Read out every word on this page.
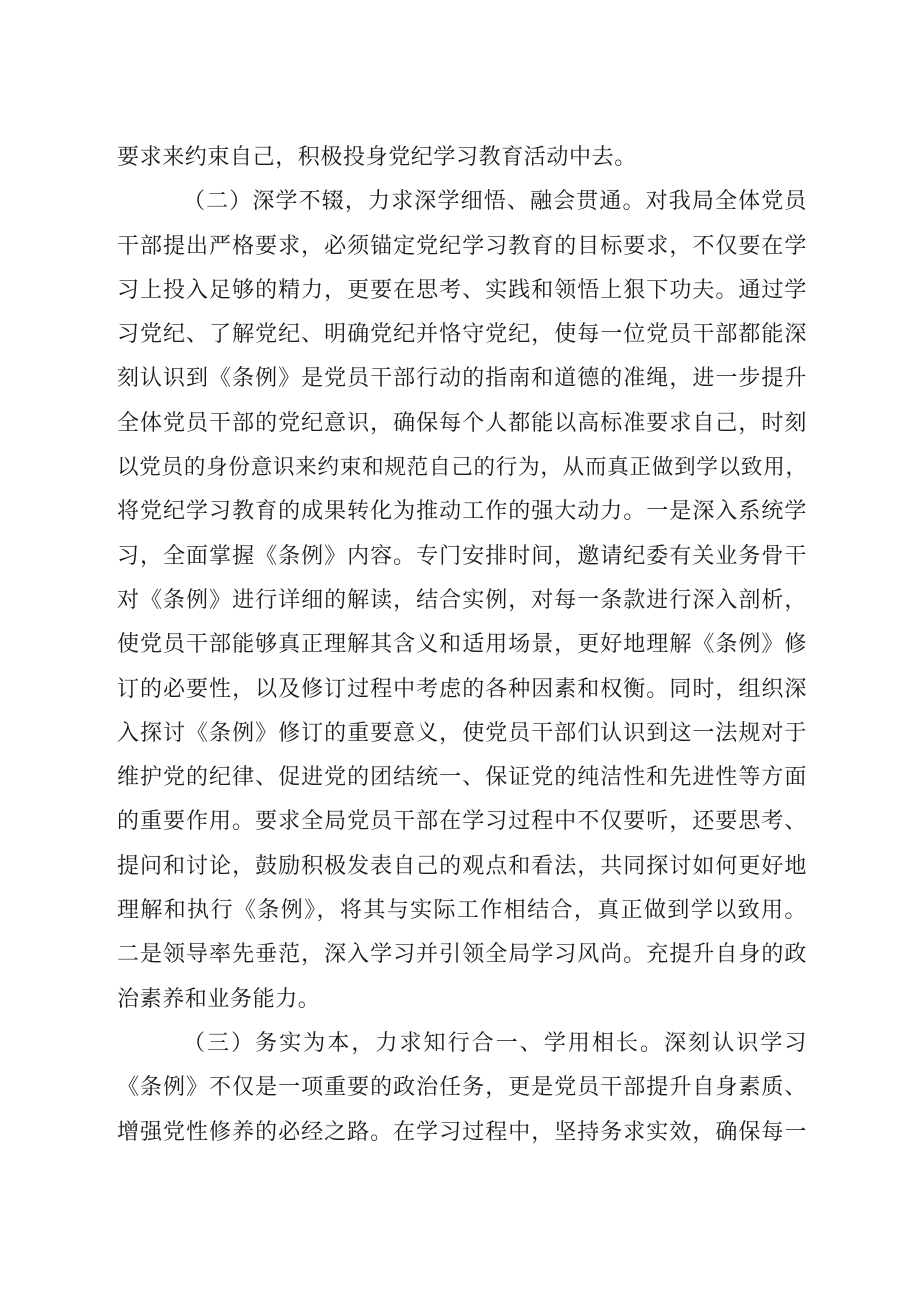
要求来约束自己，积极投身党纪学习教育活动中去。
（二）深学不辍，力求深学细悟、融会贯通。对我局全体党员
干部提出严格要求，必须锚定党纪学习教育的目标要求，不仅要在学
习上投入足够的精力，更要在思考、实践和领悟上狠下功夫。通过学
习党纪、了解党纪、明确党纪并恪守党纪，使每一位党员干部都能深
刻认识到《条例》是党员干部行动的指南和道德的准绳，进一步提升
全体党员干部的党纪意识，确保每个人都能以高标准要求自己，时刻
以党员的身份意识来约束和规范自己的行为，从而真正做到学以致用，
将党纪学习教育的成果转化为推动工作的强大动力。一是深入系统学
习，全面掌握《条例》内容。专门安排时间，邀请纪委有关业务骨干
对《条例》进行详细的解读，结合实例，对每一条款进行深入剖析，
使党员干部能够真正理解其含义和适用场景，更好地理解《条例》修
订的必要性，以及修订过程中考虑的各种因素和权衡。同时，组织深
入探讨《条例》修订的重要意义，使党员干部们认识到这一法规对于
维护党的纪律、促进党的团结统一、保证党的纯洁性和先进性等方面
的重要作用。要求全局党员干部在学习过程中不仅要听，还要思考、
提问和讨论，鼓励积极发表自己的观点和看法，共同探讨如何更好地
理解和执行《条例》，将其与实际工作相结合，真正做到学以致用。
二是领导率先垂范，深入学习并引领全局学习风尚。充提升自身的政
治素养和业务能力。
（三）务实为本，力求知行合一、学用相长。深刻认识学习
《条例》不仅是一项重要的政治任务，更是党员干部提升自身素质、
增强党性修养的必经之路。在学习过程中，坚持务求实效，确保每一
